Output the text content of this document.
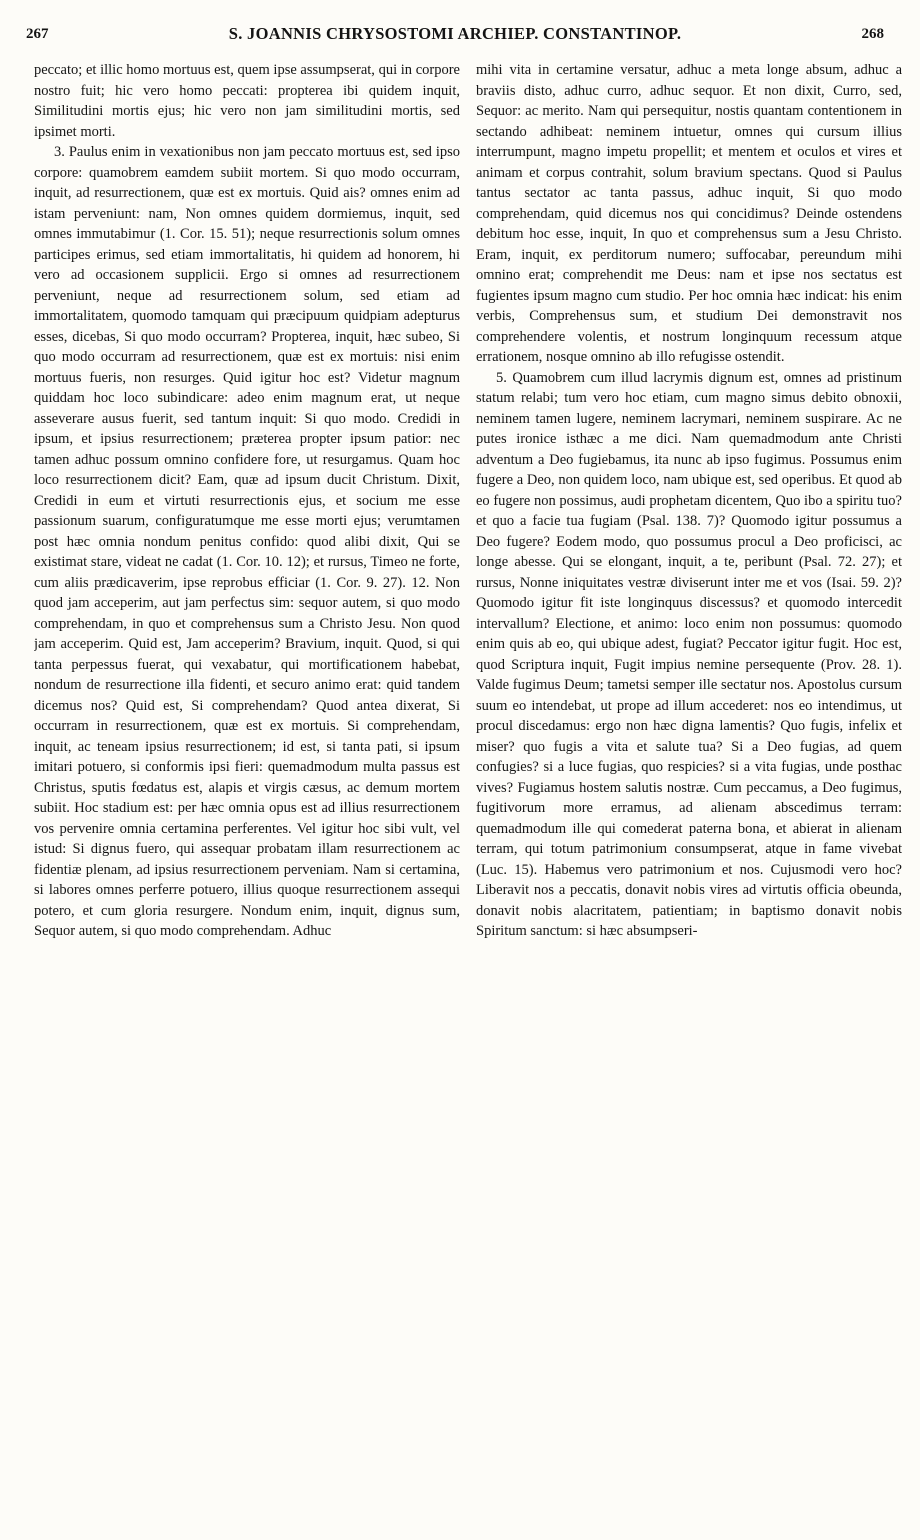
267	S. JOANNIS CHRYSOSTOMI ARCHIEP. CONSTANTINOP.	268

peccato; et illic homo mortuus est, quem ipse assumpserat, qui in corpore nostro fuit; hic vero homo peccati: propterea ibi quidem inquit, Similitudini mortis ejus; hic vero non jam similitudini mortis, sed ipsimet morti.

3. Paulus enim in vexationibus non jam peccato mortuus est, sed ipso corpore: quamobrem eamdem subiit mortem. Si quo modo occurram, inquit, ad resurrectionem, quæ est ex mortuis. Quid ais? omnes enim ad istam perveniunt: nam, Non omnes quidem dormiemus, inquit, sed omnes immutabimur (1. Cor. 15. 51); neque resurrectionis solum omnes participes erimus, sed etiam immortalitatis, hi quidem ad honorem, hi vero ad occasionem supplicii. Ergo si omnes ad resurrectionem perveniunt, neque ad resurrectionem solum, sed etiam ad immortalitatem, quomodo tamquam qui præcipuum quidpiam adepturus esses, dicebas, Si quo modo occurram? Propterea, inquit, hæc subeo, Si quo modo occurram ad resurrectionem, quæ est ex mortuis: nisi enim mortuus fueris, non resurges. Quid igitur hoc est? Videtur magnum quiddam hoc loco subindicare: adeo enim magnum erat, ut neque asseverare ausus fuerit, sed tantum inquit: Si quo modo. Credidi in ipsum, et ipsius resurrectionem; præterea propter ipsum patior: nec tamen adhuc possum omnino confidere fore, ut resurgamus. Quam hoc loco resurrectionem dicit? Eam, quæ ad ipsum ducit Christum. Dixit, Credidi in eum et virtuti resurrectionis ejus, et socium me esse passionum suarum, configuratumque me esse morti ejus; verumtamen post hæc omnia nondum penitus confido: quod alibi dixit, Qui se existimat stare, videat ne cadat (1. Cor. 10. 12); et rursus, Timeo ne forte, cum aliis prædicaverim, ipse reprobus efficiar (1. Cor. 9. 27). 12. Non quod jam acceperim, aut jam perfectus sim: sequor autem, si quo modo comprehendam, in quo et comprehensus sum a Christo Jesu. Non quod jam acceperim. Quid est, Jam acceperim? Bravium, inquit. Quod, si qui tanta perpessus fuerat, qui vexabatur, qui mortificationem habebat, nondum de resurrectione illa fidenti, et securo animo erat: quid tandem dicemus nos? Quid est, Si comprehendam? Quod antea dixerat, Si occurram in resurrectionem, quæ est ex mortuis. Si comprehendam, inquit, ac teneam ipsius resurrectionem; id est, si tanta pati, si ipsum imitari potuero, si conformis ipsi fieri: quemadmodum multa passus est Christus, sputis fœdatus est, alapis et virgis cæsus, ac demum mortem subiit. Hoc stadium est: per hæc omnia opus est ad illius resurrectionem vos pervenire omnia certamina perferentes. Vel igitur hoc sibi vult, vel istud: Si dignus fuero, qui assequar probatam illam resurrectionem ac fidentiæ plenam, ad ipsius resurrectionem perveniam. Nam si certamina, si labores omnes perferre potuero, illius quoque resurrectionem assequi potero, et cum gloria resurgere. Nondum enim, inquit, dignus sum, Sequor autem, si quo modo comprehendam. Adhuc

mihi vita in certamine versatur, adhuc a meta longe absum, adhuc a braviis disto, adhuc curro, adhuc sequor. Et non dixit, Curro, sed, Sequor: ac merito. Nam qui persequitur, nostis quantam contentionem in sectando adhibeat: neminem intuetur, omnes qui cursum illius interrumpunt, magno impetu propellit; et mentem et oculos et vires et animam et corpus contrahit, solum bravium spectans. Quod si Paulus tantus sectator ac tanta passus, adhuc inquit, Si quo modo comprehendam, quid dicemus nos qui concidimus? Deinde ostendens debitum hoc esse, inquit, In quo et comprehensus sum a Jesu Christo. Eram, inquit, ex perditorum numero; suffocabar, pereundum mihi omnino erat; comprehendit me Deus: nam et ipse nos sectatus est fugientes ipsum magno cum studio. Per hoc omnia hæc indicat: his enim verbis, Comprehensus sum, et studium Dei demonstravit nos comprehendere volentis, et nostrum longinquum recessum atque errationem, nosque omnino ab illo refugisse ostendit.

5. Quamobrem cum illud lacrymis dignum est, omnes ad pristinum statum relabi; tum vero hoc etiam, cum magno simus debito obnoxii, neminem tamen lugere, neminem lacrymari, neminem suspirare. Ac ne putes ironice isthæc a me dici. Nam quemadmodum ante Christi adventum a Deo fugiebamus, ita nunc ab ipso fugimus. Possumus enim fugere a Deo, non quidem loco, nam ubique est, sed operibus. Et quod ab eo fugere non possimus, audi prophetam dicentem, Quo ibo a spiritu tuo? et quo a facie tua fugiam (Psal. 138. 7)? Quomodo igitur possumus a Deo fugere? Eodem modo, quo possumus procul a Deo proficisci, ac longe abesse. Qui se elongant, inquit, a te, peribunt (Psal. 72. 27); et rursus, Nonne iniquitates vestræ diviserunt inter me et vos (Isai. 59. 2)? Quomodo igitur fit iste longinquus discessus? et quomodo intercedit intervallum? Electione, et animo: loco enim non possumus: quomodo enim quis ab eo, qui ubique adest, fugiat? Peccator igitur fugit. Hoc est, quod Scriptura inquit, Fugit impius nemine persequente (Prov. 28. 1). Valde fugimus Deum; tametsi semper ille sectatur nos. Apostolus cursum suum eo intendebat, ut prope ad illum accederet: nos eo intendimus, ut procul discedamus: ergo non hæc digna lamentis? Quo fugis, infelix et miser? quo fugis a vita et salute tua? Si a Deo fugias, ad quem confugies? si a luce fugias, quo respicies? si a vita fugias, unde posthac vives? Fugiamus hostem salutis nostræ. Cum peccamus, a Deo fugimus, fugitivorum more erramus, ad alienam abscedimus terram: quemadmodum ille qui comederat paterna bona, et abierat in alienam terram, qui totum patrimonium consumpserat, atque in fame vivebat (Luc. 15). Habemus vero patrimonium et nos. Cujusmodi vero hoc? Liberavit nos a peccatis, donavit nobis vires ad virtutis officia obeunda, donavit nobis alacritatem, patientiam; in baptismo donavit nobis Spiritum sanctum: si hæc absumpseri-
